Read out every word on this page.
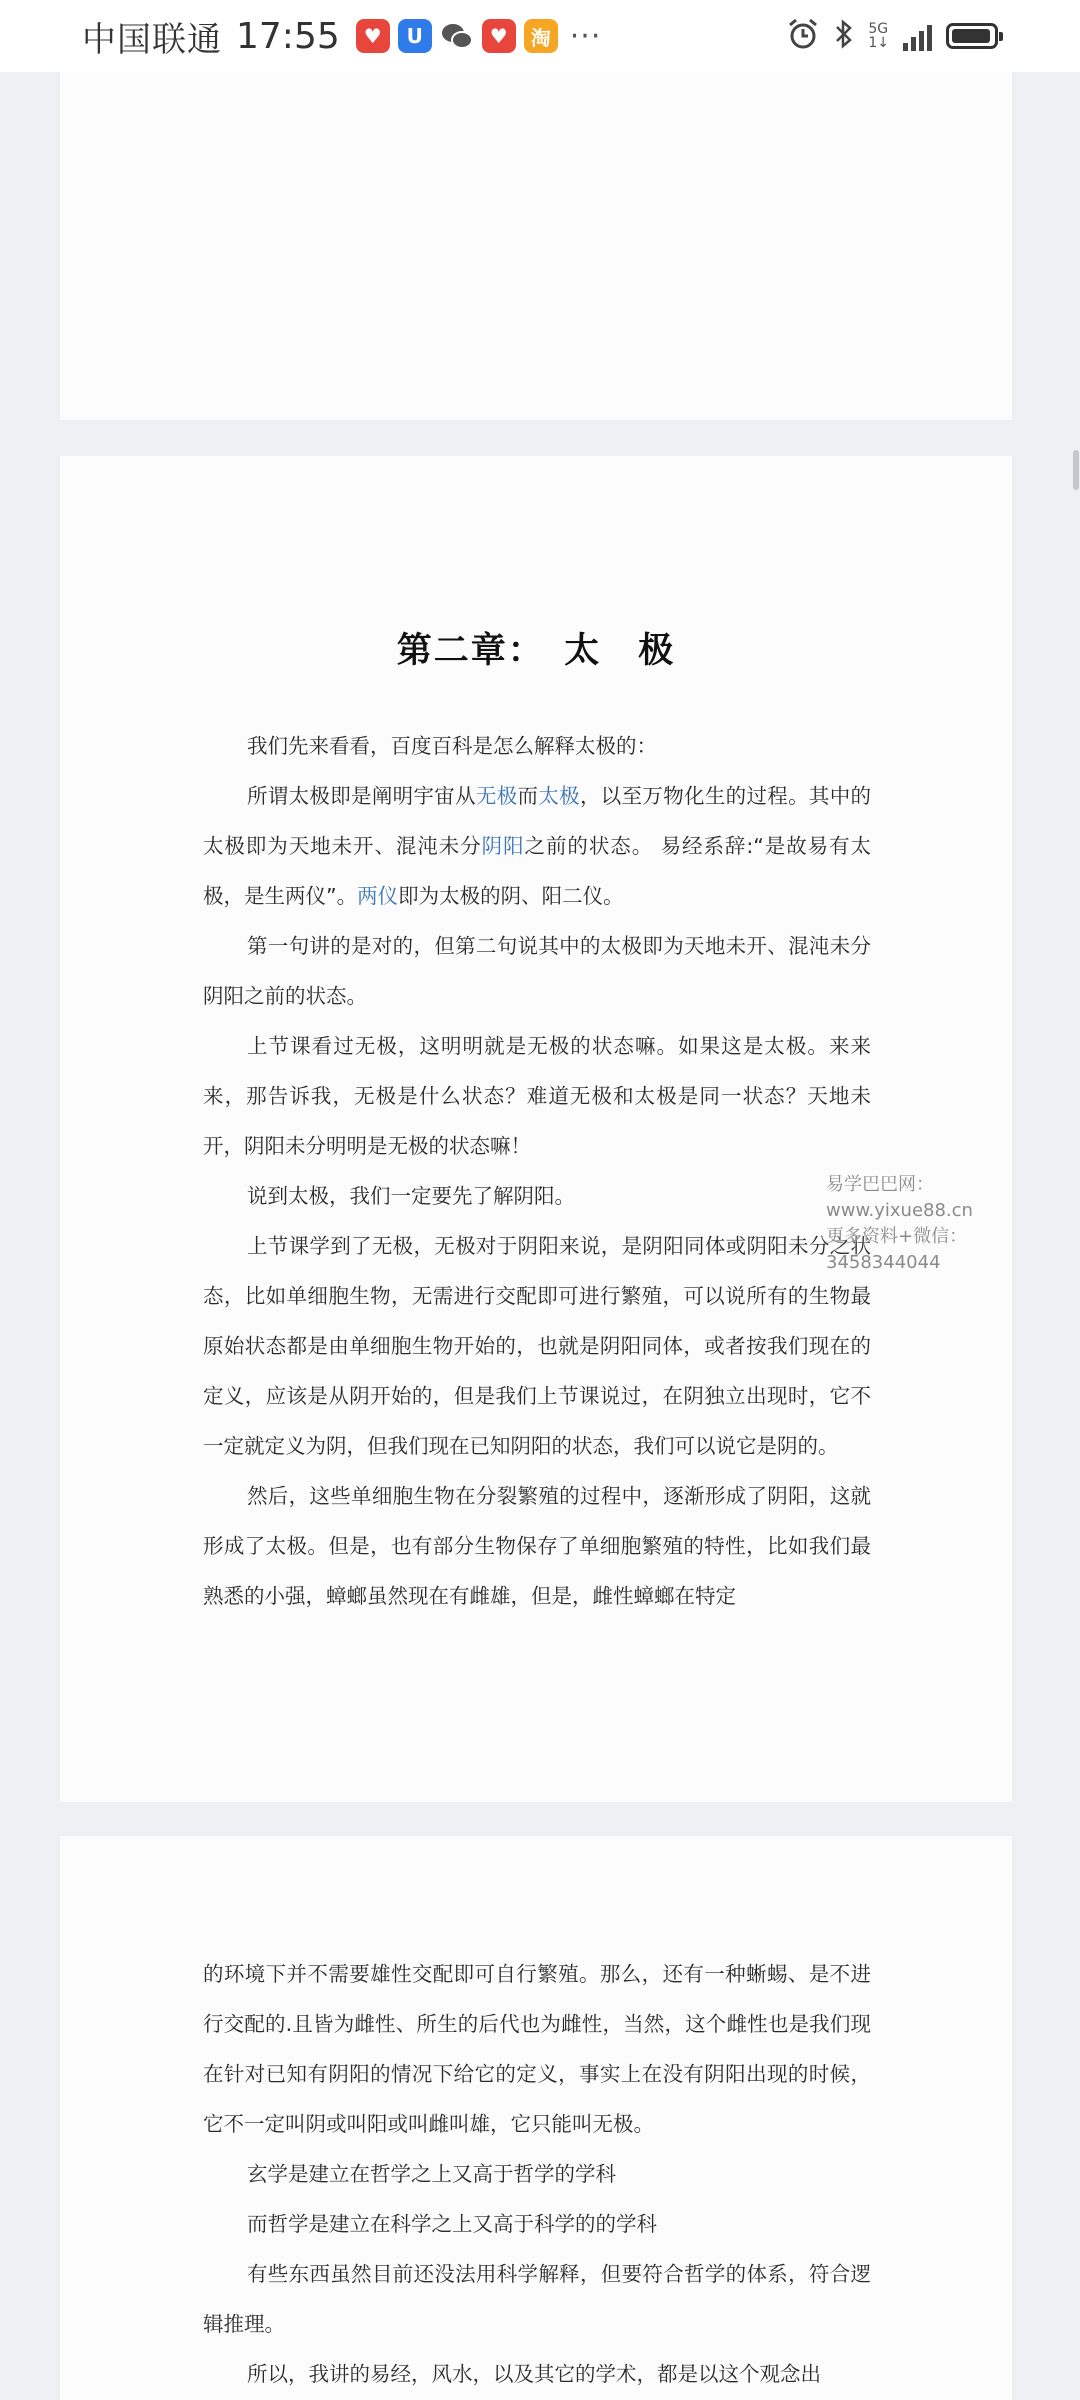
中国联通 17:55	♥	U	♥	淘 ···	5G
1↓
第二章：　太　极

我们先来看看，百度百科是怎么解释太极的：

所谓太极即是阐明宇宙从无极而太极，以至万物化生的过程。其中的太极即为天地未开、混沌未分阴阳之前的状态。 易经系辞:“是故易有太极，是生两仪”。两仪即为太极的阴、阳二仪。

第一句讲的是对的，但第二句说其中的太极即为天地未开、混沌未分阴阳之前的状态。

上节课看过无极，这明明就是无极的状态嘛。如果这是太极。来来来，那告诉我，无极是什么状态？难道无极和太极是同一状态？天地未开，阴阳未分明明是无极的状态嘛！

说到太极，我们一定要先了解阴阳。

上节课学到了无极，无极对于阴阳来说，是阴阳同体或阴阳未分之状态，比如单细胞生物，无需进行交配即可进行繁殖，可以说所有的生物最原始状态都是由单细胞生物开始的，也就是阴阳同体，或者按我们现在的定义，应该是从阴开始的，但是我们上节课说过，在阴独立出现时，它不一定就定义为阴，但我们现在已知阴阳的状态，我们可以说它是阴的。

然后，这些单细胞生物在分裂繁殖的过程中，逐渐形成了阴阳，这就形成了太极。但是，也有部分生物保存了单细胞繁殖的特性，比如我们最熟悉的小强，蟑螂虽然现在有雌雄，但是，雌性蟑螂在特定

的环境下并不需要雄性交配即可自行繁殖。那么，还有一种蜥蜴、是不进行交配的.且皆为雌性、所生的后代也为雌性，当然，这个雌性也是我们现在针对已知有阴阳的情况下给它的定义，事实上在没有阴阳出现的时候，它不一定叫阴或叫阳或叫雌叫雄，它只能叫无极。

玄学是建立在哲学之上又高于哲学的学科

而哲学是建立在科学之上又高于科学的的学科

有些东西虽然目前还没法用科学解释，但要符合哲学的体系，符合逻辑推理。

所以，我讲的易经，风水，以及其它的学术，都是以这个观念出

易学巴巴网：www.yixue88.cn
更多资料+微信：3458344044
